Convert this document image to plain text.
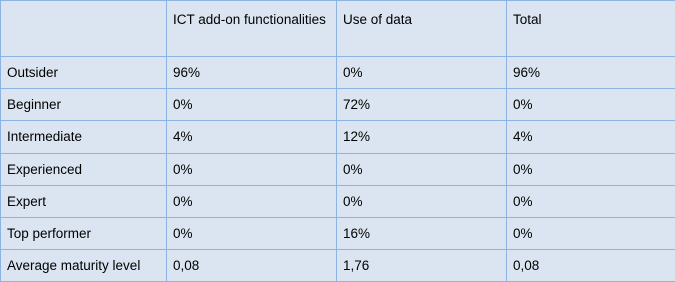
	ICT add-on functionalities	Use of data	Total
Outsider	96%	0%	96%
Beginner	0%	72%	0%
Intermediate	4%	12%	4%
Experienced	0%	0%	0%
Expert	0%	0%	0%
Top performer	0%	16%	0%
Average maturity level	0,08	1,76	0,08
